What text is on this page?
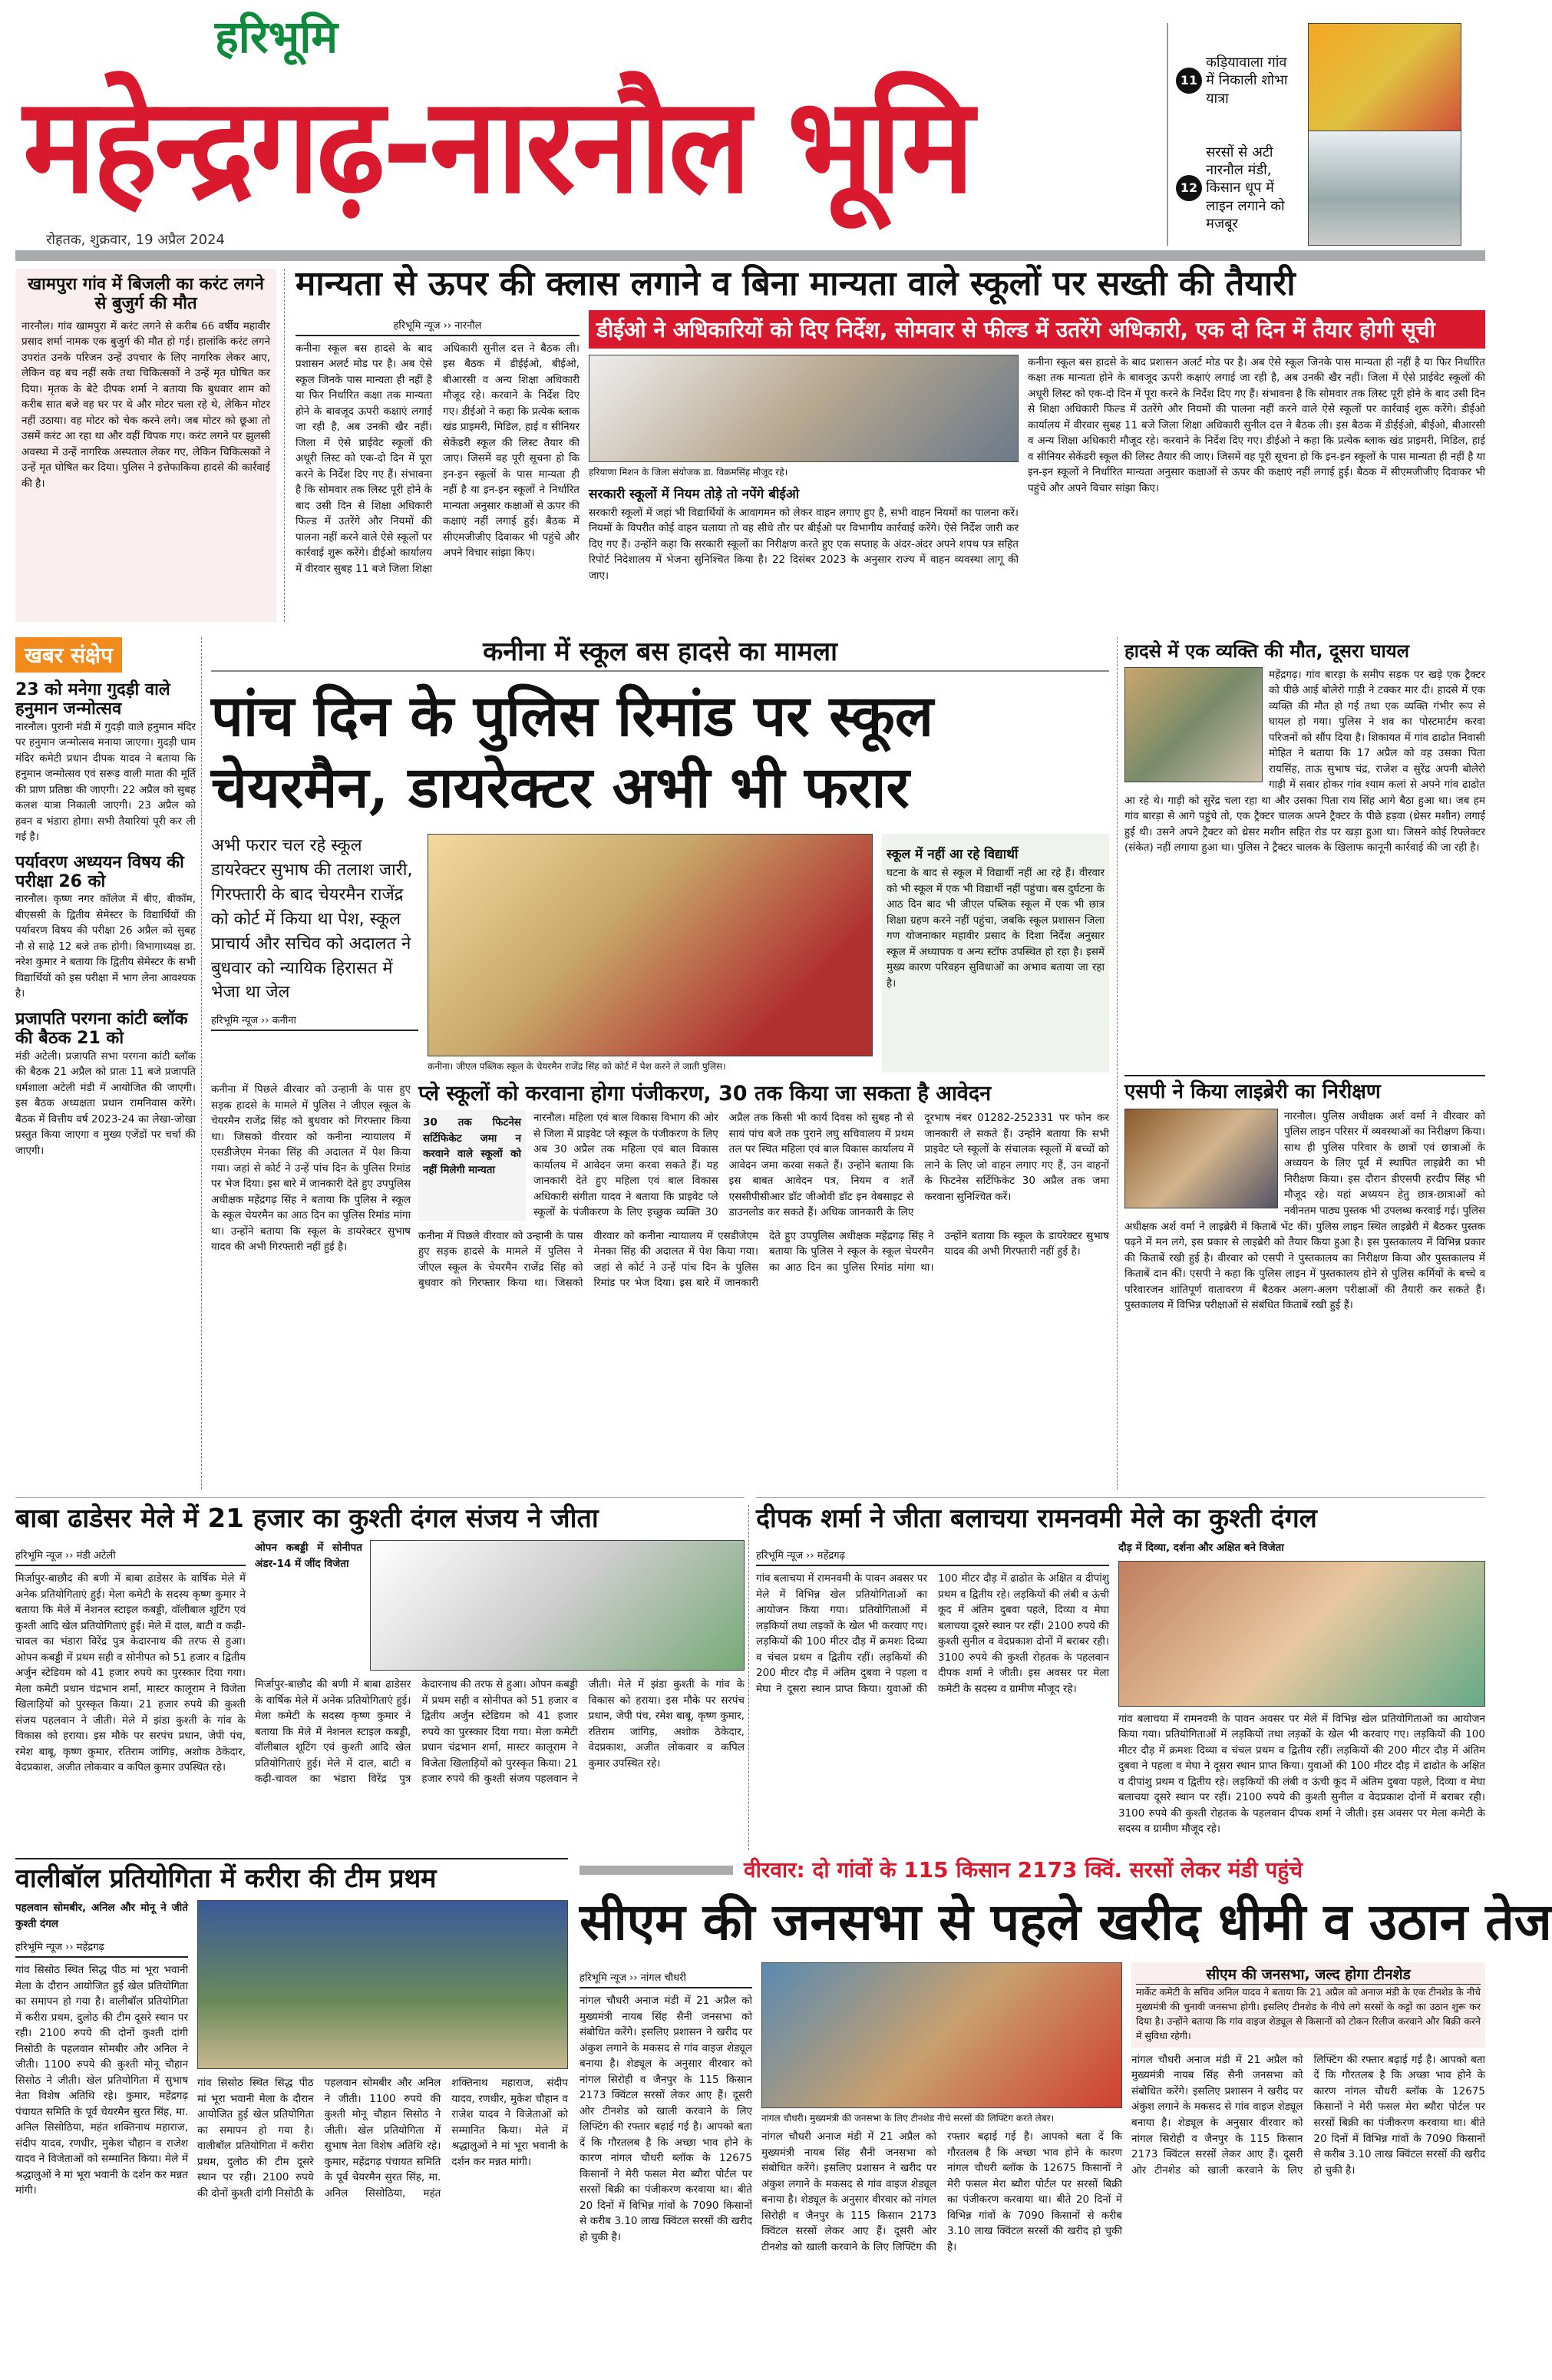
हरिभूमि
महेन्द्रगढ़-नारनौल भूमि
रोहतक, शुक्रवार, 19 अप्रैल 2024
11 कड़ियावाला गांव में निकाली शोभा यात्रा
12 सरसों से अटी नारनौल मंडी, किसान धूप में लाइन लगाने को मजबूर
खामपुरा गांव में बिजली का करंट लगने से बुजुर्ग की मौत
नारनौल। गांव खामपुरा में करंट लगने से करीब 66 वर्षीय महावीर प्रसाद शर्मा नामक एक बुजुर्ग की मौत हो गई। हालांकि करंट लगने उपरांत उनके परिजन उन्हें उपचार के लिए नागरिक लेकर आए, लेकिन वह बच नहीं सके तथा चिकित्सकों ने उन्हें मृत घोषित कर दिया। मृतक के बेटे दीपक शर्मा ने बताया कि बुधवार शाम को करीब सात बजे वह घर पर थे और मोटर चला रहे थे, लेकिन मोटर नहीं उठाया। वह मोटर को चेक करने लगे। जब मोटर को छूआ तो उसमें करंट आ रहा था और वहीं चिपक गए। करंट लगने पर झुलसी अवस्था में उन्हें नागरिक अस्पताल लेकर गए, लेकिन चिकित्सकों ने उन्हें मृत घोषित कर दिया। पुलिस ने इत्तेफाकिया हादसे की कार्रवाई की है।
मान्यता से ऊपर की क्लास लगाने व बिना मान्यता वाले स्कूलों पर सख्ती की तैयारी
हरिभूमि न्यूज ›› नारनौल
कनीना स्कूल बस हादसे के बाद प्रशासन अलर्ट मोड पर है। अब ऐसे स्कूल जिनके पास मान्यता ही नहीं है या फिर निर्धारित कक्षा तक मान्यता होने के बावजूद ऊपरी कक्षाएं लगाई जा रही है, अब उनकी खैर नहीं। जिला में ऐसे प्राईवेट स्कूलों की अधूरी लिस्ट को एक-दो दिन में पूरा करने के निर्देश दिए गए हैं। संभावना है कि सोमवार तक लिस्ट पूरी होने के बाद उसी दिन से शिक्षा अधिकारी फिल्ड में उतरेंगे और नियमों की पालना नहीं करने वाले ऐसे स्कूलों पर कार्रवाई शुरू करेंगे। डीईओ कार्यालय में वीरवार सुबह 11 बजे जिला शिक्षा अधिकारी सुनील दत्त ने बैठक ली। इस बैठक में डीईईओ, बीईओ, बीआरसी व अन्य शिक्षा अधिकारी मौजूद रहे। करवाने के निर्देश दिए गए। डीईओ ने कहा कि प्रत्येक ब्लाक खंड प्राइमरी, मिडिल, हाई व सीनियर सेकेंडरी स्कूल की लिस्ट तैयार की जाए। जिसमें वह पूरी सूचना हो कि इन-इन स्कूलों के पास मान्यता ही नहीं है या इन-इन स्कूलों ने निर्धारित मान्यता अनुसार कक्षाओं से ऊपर की कक्षाएं नहीं लगाई हुई। बैठक में सीएमजीजीए दिवाकर भी पहुंचे और अपने विचार सांझा किए।
डीईओ ने अधिकारियों को दिए निर्देश, सोमवार से फील्ड में उतरेंगे अधिकारी, एक दो दिन में तैयार होगी सूची
हरियाणा मिशन के जिला संयोजक डा. विक्रमसिंह मौजूद रहे।
सरकारी स्कूलों में नियम तोड़े तो नपेंगे बीईओ
सरकारी स्कूलों में जहां भी विद्यार्थियों के आवागमन को लेकर वाहन लगाए हुए है, सभी वाहन नियमों का पालना करें। नियमों के विपरीत कोई वाहन चलाया तो वह सीधे तौर पर बीईओ पर विभागीय कार्रवाई करेंगे। ऐसे निर्देश जारी कर दिए गए हैं। उन्होंने कहा कि सरकारी स्कूलों का निरीक्षण करते हुए एक सप्ताह के अंदर-अंदर अपने शपथ पत्र सहित रिपोर्ट निदेशालय में भेजना सुनिश्चित किया है। 22 दिसंबर 2023 के अनुसार राज्य में वाहन व्यवस्था लागू की जाए।
कनीना स्कूल बस हादसे के बाद प्रशासन अलर्ट मोड पर है। अब ऐसे स्कूल जिनके पास मान्यता ही नहीं है या फिर निर्धारित कक्षा तक मान्यता होने के बावजूद ऊपरी कक्षाएं लगाई जा रही है, अब उनकी खैर नहीं। जिला में ऐसे प्राईवेट स्कूलों की अधूरी लिस्ट को एक-दो दिन में पूरा करने के निर्देश दिए गए हैं। संभावना है कि सोमवार तक लिस्ट पूरी होने के बाद उसी दिन से शिक्षा अधिकारी फिल्ड में उतरेंगे और नियमों की पालना नहीं करने वाले ऐसे स्कूलों पर कार्रवाई शुरू करेंगे। डीईओ कार्यालय में वीरवार सुबह 11 बजे जिला शिक्षा अधिकारी सुनील दत्त ने बैठक ली। इस बैठक में डीईईओ, बीईओ, बीआरसी व अन्य शिक्षा अधिकारी मौजूद रहे। करवाने के निर्देश दिए गए। डीईओ ने कहा कि प्रत्येक ब्लाक खंड प्राइमरी, मिडिल, हाई व सीनियर सेकेंडरी स्कूल की लिस्ट तैयार की जाए। जिसमें वह पूरी सूचना हो कि इन-इन स्कूलों के पास मान्यता ही नहीं है या इन-इन स्कूलों ने निर्धारित मान्यता अनुसार कक्षाओं से ऊपर की कक्षाएं नहीं लगाई हुई। बैठक में सीएमजीजीए दिवाकर भी पहुंचे और अपने विचार सांझा किए।
खबर संक्षेप
23 को मनेगा गुदड़ी वाले हनुमान जन्मोत्सव
नारनौल। पुरानी मंडी में गुदड़ी वाले हनुमान मंदिर पर हनुमान जन्मोत्सव मनाया जाएगा। गुदड़ी धाम मंदिर कमेटी प्रधान दीपक यादव ने बताया कि हनुमान जन्मोत्सव एवं सरूड़ वाली माता की मूर्ति की प्राण प्रतिष्ठा की जाएगी। 22 अप्रैल को सुबह कलश यात्रा निकाली जाएगी। 23 अप्रैल को हवन व भंडारा होगा। सभी तैयारियां पूरी कर ली गई है।
पर्यावरण अध्ययन विषय की परीक्षा 26 को
नारनौल। कृष्ण नगर कॉलेज में बीए, बीकॉम, बीएससी के द्वितीय सेमेस्टर के विद्यार्थियों की पर्यावरण विषय की परीक्षा 26 अप्रैल को सुबह नौ से साढ़े 12 बजे तक होगी। विभागाध्यक्ष डा. नरेश कुमार ने बताया कि द्वितीय सेमेस्टर के सभी विद्यार्थियों को इस परीक्षा में भाग लेना आवश्यक है।
प्रजापति परगना कांटी ब्लॉक की बैठक 21 को
मंडी अटेली। प्रजापति सभा परगना कांटी ब्लॉक की बैठक 21 अप्रैल को प्रातः 11 बजे प्रजापति धर्मशाला अटेली मंडी में आयोजित की जाएगी। इस बैठक अध्यक्षता प्रधान रामनिवास करेंगे। बैठक में वित्तीय वर्ष 2023-24 का लेखा-जोखा प्रस्तुत किया जाएगा व मुख्य एजेंडों पर चर्चा की जाएगी।
कनीना में स्कूल बस हादसे का मामला
पांच दिन के पुलिस रिमांड पर स्कूल चेयरमैन, डायरेक्टर अभी भी फरार
अभी फरार चल रहे स्कूल डायरेक्टर सुभाष की तलाश जारी, गिरफ्तारी के बाद चेयरमैन राजेंद्र को कोर्ट में किया था पेश, स्कूल प्राचार्य और सचिव को अदालत ने बुधवार को न्यायिक हिरासत में भेजा था जेल
हरिभूमि न्यूज ›› कनीना
कनीना। जीएल पब्लिक स्कूल के चेयरमैन राजेंद्र सिंह को कोर्ट में पेश करने ले जाती पुलिस।
स्कूल में नहीं आ रहे विद्यार्थी
घटना के बाद से स्कूल में विद्यार्थी नहीं आ रहे हैं। वीरवार को भी स्कूल में एक भी विद्यार्थी नहीं पहुंचा। बस दुर्घटना के आठ दिन बाद भी जीएल पब्लिक स्कूल में एक भी छात्र शिक्षा ग्रहण करने नहीं पहुंचा, जबकि स्कूल प्रशासन जिला गण योजनाकार महावीर प्रसाद के दिशा निर्देश अनुसार स्कूल में अध्यापक व अन्य स्टॉफ उपस्थित हो रहा है। इसमें मुख्य कारण परिवहन सुविधाओं का अभाव बताया जा रहा है।
कनीना में पिछले वीरवार को उन्हानी के पास हुए सड़क हादसे के मामले में पुलिस ने जीएल स्कूल के चेयरमैन राजेंद्र सिंह को बुधवार को गिरफ्तार किया था। जिसको वीरवार को कनीना न्यायालय में एसडीजेएम मेनका सिंह की अदालत में पेश किया गया। जहां से कोर्ट ने उन्हें पांच दिन के पुलिस रिमांड पर भेज दिया। इस बारे में जानकारी देते हुए उपपुलिस अधीक्षक महेंद्रगढ़ सिंह ने बताया कि पुलिस ने स्कूल के स्कूल चेयरमैन का आठ दिन का पुलिस रिमांड मांगा था। उन्होंने बताया कि स्कूल के डायरेक्टर सुभाष यादव की अभी गिरफ्तारी नहीं हुई है।
प्ले स्कूलों को करवाना होगा पंजीकरण, 30 तक किया जा सकता है आवेदन
30 तक फिटनेस सर्टिफिकेट जमा न करवाने वाले स्कूलों को नहीं मिलेगी मान्यता
नारनौल। महिला एवं बाल विकास विभाग की ओर से जिला में प्राइवेट प्ले स्कूल के पंजीकरण के लिए अब 30 अप्रैल तक महिला एवं बाल विकास कार्यालय में आवेदन जमा करवा सकते हैं। यह जानकारी देते हुए महिला एवं बाल विकास अधिकारी संगीता यादव ने बताया कि प्राइवेट प्ले स्कूलों के पंजीकरण के लिए इच्छुक व्यक्ति 30 अप्रैल तक किसी भी कार्य दिवस को सुबह नौ से सायं पांच बजे तक पुराने लघु सचिवालय में प्रथम तल पर स्थित महिला एवं बाल विकास कार्यालय में आवेदन जमा करवा सकते हैं। उन्होंने बताया कि इस बाबत आवेदन पत्र, नियम व शर्तें एससीपीसीआर डॉट जीओवी डॉट इन वेबसाइट से डाउनलोड कर सकते हैं। अधिक जानकारी के लिए दूरभाष नंबर 01282-252331 पर फोन कर जानकारी ले सकते हैं। उन्होंने बताया कि सभी प्राइवेट प्ले स्कूलों के संचालक स्कूलों में बच्चों को लाने के लिए जो वाहन लगाए गए हैं, उन वाहनों के फिटनेस सर्टिफिकेट 30 अप्रैल तक जमा करवाना सुनिश्चित करें।
कनीना में पिछले वीरवार को उन्हानी के पास हुए सड़क हादसे के मामले में पुलिस ने जीएल स्कूल के चेयरमैन राजेंद्र सिंह को बुधवार को गिरफ्तार किया था। जिसको वीरवार को कनीना न्यायालय में एसडीजेएम मेनका सिंह की अदालत में पेश किया गया। जहां से कोर्ट ने उन्हें पांच दिन के पुलिस रिमांड पर भेज दिया। इस बारे में जानकारी देते हुए उपपुलिस अधीक्षक महेंद्रगढ़ सिंह ने बताया कि पुलिस ने स्कूल के स्कूल चेयरमैन का आठ दिन का पुलिस रिमांड मांगा था। उन्होंने बताया कि स्कूल के डायरेक्टर सुभाष यादव की अभी गिरफ्तारी नहीं हुई है।
हादसे में एक व्यक्ति की मौत, दूसरा घायल
महेंद्रगढ़। गांव बारड़ा के समीप सड़क पर खड़े एक ट्रैक्टर को पीछे आई बोलेरो गाड़ी ने टक्कर मार दी। हादसे में एक व्यक्ति की मौत हो गई तथा एक व्यक्ति गंभीर रूप से घायल हो गया। पुलिस ने शव का पोस्टमार्टम करवा परिजनों को सौंप दिया है। शिकायत में गांव ढाढोत निवासी मोहित ने बताया कि 17 अप्रैल को वह उसका पिता रायसिंह, ताऊ सुभाष चंद्र, राजेश व सुरेंद्र अपनी बोलेरो गाड़ी में सवार होकर गांव श्याम कलां से अपने गांव ढाढोत आ रहे थे। गाड़ी को सुरेंद्र चला रहा था और उसका पिता राय सिंह आगे बैठा हुआ था। जब हम गांव बारड़ा से आगे पहुंचे तो, एक ट्रैक्टर चालक अपने ट्रैक्टर के पीछे हड़वा (थ्रेसर मशीन) लगाई हुई थी। उसने अपने ट्रैक्टर को थ्रेसर मशीन सहित रोड पर खड़ा हुआ था। जिसने कोई रिफ्लेक्टर (संकेत) नहीं लगाया हुआ था। पुलिस ने ट्रैक्टर चालक के खिलाफ कानूनी कार्रवाई की जा रही है।
एसपी ने किया लाइब्रेरी का निरीक्षण
नारनौल। पुलिस अधीक्षक अर्श वर्मा ने वीरवार को पुलिस लाइन परिसर में व्यवस्थाओं का निरीक्षण किया। साथ ही पुलिस परिवार के छात्रों एवं छात्राओं के अध्ययन के लिए पूर्व में स्थापित लाइब्रेरी का भी निरीक्षण किया। इस दौरान डीएसपी हरदीप सिंह भी मौजूद रहे। यहां अध्ययन हेतु छात्र-छात्राओं को नवीनतम पाठ्य पुस्तक भी उपलब्ध करवाई गई। पुलिस अधीक्षक अर्श वर्मा ने लाइब्रेरी में किताबें भेंट कीं। पुलिस लाइन स्थित लाइब्रेरी में बैठकर पुस्तक पढ़ने में मन लगे, इस प्रकार से लाइब्रेरी को तैयार किया हुआ है। इस पुस्तकालय में विभिन्न प्रकार की किताबें रखी हुई है। वीरवार को एसपी ने पुस्तकालय का निरीक्षण किया और पुस्तकालय में किताबें दान कीं। एसपी ने कहा कि पुलिस लाइन में पुस्तकालय होने से पुलिस कर्मियों के बच्चे व परिवारजन शांतिपूर्ण वातावरण में बैठकर अलग-अलग परीक्षाओं की तैयारी कर सकते हैं। पुस्तकालय में विभिन्न परीक्षाओं से संबंधित किताबें रखी हुई हैं।
बाबा ढाडेसर मेले में 21 हजार का कुश्ती दंगल संजय ने जीता
हरिभूमि न्यूज ›› मंडी अटेली
मिर्जापुर-बाछौद की बणी में बाबा ढाडेसर के वार्षिक मेले में अनेक प्रतियोगिताएं हुई। मेला कमेटी के सदस्य कृष्ण कुमार ने बताया कि मेले में नेशनल स्टाइल कबड्डी, वॉलीबाल शूटिंग एवं कुश्ती आदि खेल प्रतियोगिताएं हुई। मेले में दाल, बाटी व कढ़ी-चावल का भंडारा विरेंद्र पुत्र केदारनाथ की तरफ से हुआ। ओपन कबड्डी में प्रथम सही व सोनीपत को 51 हजार व द्वितीय अर्जुन स्टेडियम को 41 हजार रुपये का पुरस्कार दिया गया। मेला कमेटी प्रधान चंद्रभान शर्मा, मास्टर कालूराम ने विजेता खिलाड़ियों को पुरस्कृत किया। 21 हजार रुपये की कुश्ती संजय पहलवान ने जीती। मेले में झंडा कुश्ती के गांव के विकास को हराया। इस मौके पर सरपंच प्रधान, जेपी पंच, रमेश बाबू, कृष्ण कुमार, रतिराम जांगिड़, अशोक ठेकेदार, वेदप्रकाश, अजीत लोकवार व कपिल कुमार उपस्थित रहे।
ओपन कबड्डी में सोनीपत अंडर-14 में जींद विजेता
मिर्जापुर-बाछौद की बणी में बाबा ढाडेसर के वार्षिक मेले में अनेक प्रतियोगिताएं हुई। मेला कमेटी के सदस्य कृष्ण कुमार ने बताया कि मेले में नेशनल स्टाइल कबड्डी, वॉलीबाल शूटिंग एवं कुश्ती आदि खेल प्रतियोगिताएं हुई। मेले में दाल, बाटी व कढ़ी-चावल का भंडारा विरेंद्र पुत्र केदारनाथ की तरफ से हुआ। ओपन कबड्डी में प्रथम सही व सोनीपत को 51 हजार व द्वितीय अर्जुन स्टेडियम को 41 हजार रुपये का पुरस्कार दिया गया। मेला कमेटी प्रधान चंद्रभान शर्मा, मास्टर कालूराम ने विजेता खिलाड़ियों को पुरस्कृत किया। 21 हजार रुपये की कुश्ती संजय पहलवान ने जीती। मेले में झंडा कुश्ती के गांव के विकास को हराया। इस मौके पर सरपंच प्रधान, जेपी पंच, रमेश बाबू, कृष्ण कुमार, रतिराम जांगिड़, अशोक ठेकेदार, वेदप्रकाश, अजीत लोकवार व कपिल कुमार उपस्थित रहे।
दीपक शर्मा ने जीता बलाचया रामनवमी मेले का कुश्ती दंगल
हरिभूमि न्यूज ›› महेंद्रगढ़
गांव बलाचया में रामनवमी के पावन अवसर पर मेले में विभिन्न खेल प्रतियोगिताओं का आयोजन किया गया। प्रतियोगिताओं में लड़कियों तथा लड़कों के खेल भी करवाए गए। लड़कियों की 100 मीटर दौड़ में क्रमशः दिव्या व चंचल प्रथम व द्वितीय रहीं। लड़कियों की 200 मीटर दौड़ में अंतिम दुबवा ने पहला व मेघा ने दूसरा स्थान प्राप्त किया। युवाओं की 100 मीटर दौड़ में ढाढोत के अक्षित व दीपांशु प्रथम व द्वितीय रहे। लड़कियों की लंबी व ऊंची कूद में अंतिम दुबवा पहले, दिव्या व मेघा बलाचया दूसरे स्थान पर रहीं। 2100 रुपये की कुश्ती सुनील व वेदप्रकाश दोनों में बराबर रही। 3100 रुपये की कुश्ती रोहतक के पहलवान दीपक शर्मा ने जीती। इस अवसर पर मेला कमेटी के सदस्य व ग्रामीण मौजूद रहे।
दौड़ में दिव्या, दर्शना और अक्षित बने विजेता
गांव बलाचया में रामनवमी के पावन अवसर पर मेले में विभिन्न खेल प्रतियोगिताओं का आयोजन किया गया। प्रतियोगिताओं में लड़कियों तथा लड़कों के खेल भी करवाए गए। लड़कियों की 100 मीटर दौड़ में क्रमशः दिव्या व चंचल प्रथम व द्वितीय रहीं। लड़कियों की 200 मीटर दौड़ में अंतिम दुबवा ने पहला व मेघा ने दूसरा स्थान प्राप्त किया। युवाओं की 100 मीटर दौड़ में ढाढोत के अक्षित व दीपांशु प्रथम व द्वितीय रहे। लड़कियों की लंबी व ऊंची कूद में अंतिम दुबवा पहले, दिव्या व मेघा बलाचया दूसरे स्थान पर रहीं। 2100 रुपये की कुश्ती सुनील व वेदप्रकाश दोनों में बराबर रही। 3100 रुपये की कुश्ती रोहतक के पहलवान दीपक शर्मा ने जीती। इस अवसर पर मेला कमेटी के सदस्य व ग्रामीण मौजूद रहे।
वालीबॉल प्रतियोगिता में करीरा की टीम प्रथम
पहलवान सोमबीर, अनिल और मोनू ने जीते कुश्ती दंगल
हरिभूमि न्यूज ›› महेंद्रगढ़
गांव सिसोठ स्थित सिद्ध पीठ मां भूरा भवानी मेला के दौरान आयोजित हुई खेल प्रतियोगिता का समापन हो गया है। वालीबॉल प्रतियोगिता में करीरा प्रथम, दुलोठ की टीम दूसरे स्थान पर रही। 2100 रुपये की दोनों कुश्ती दांगी निसोठी के पहलवान सोमबीर और अनिल ने जीती। 1100 रुपये की कुश्ती मोनू चौहान सिसोठ ने जीती। खेल प्रतियोगिता में सुभाष नेता विशेष अतिथि रहे। कुमार, महेंद्रगढ़ पंचायत समिति के पूर्व चेयरमैन सुरत सिंह, मा. अनिल सिसोठिया, महंत शक्तिनाथ महाराज, संदीप यादव, रणधीर, मुकेश चौहान व राजेश यादव ने विजेताओं को सम्मानित किया। मेले में श्रद्धालुओं ने मां भूरा भवानी के दर्शन कर मन्नत मांगी।
गांव सिसोठ स्थित सिद्ध पीठ मां भूरा भवानी मेला के दौरान आयोजित हुई खेल प्रतियोगिता का समापन हो गया है। वालीबॉल प्रतियोगिता में करीरा प्रथम, दुलोठ की टीम दूसरे स्थान पर रही। 2100 रुपये की दोनों कुश्ती दांगी निसोठी के पहलवान सोमबीर और अनिल ने जीती। 1100 रुपये की कुश्ती मोनू चौहान सिसोठ ने जीती। खेल प्रतियोगिता में सुभाष नेता विशेष अतिथि रहे। कुमार, महेंद्रगढ़ पंचायत समिति के पूर्व चेयरमैन सुरत सिंह, मा. अनिल सिसोठिया, महंत शक्तिनाथ महाराज, संदीप यादव, रणधीर, मुकेश चौहान व राजेश यादव ने विजेताओं को सम्मानित किया। मेले में श्रद्धालुओं ने मां भूरा भवानी के दर्शन कर मन्नत मांगी।
वीरवार: दो गांवों के 115 किसान 2173 क्विं. सरसों लेकर मंडी पहुंचे
सीएम की जनसभा से पहले खरीद धीमी व उठान तेज
हरिभूमि न्यूज ›› नांगल चौधरी
नांगल चौधरी अनाज मंडी में 21 अप्रैल को मुख्यमंत्री नायब सिंह सैनी जनसभा को संबोधित करेंगे। इसलिए प्रशासन ने खरीद पर अंकुश लगाने के मकसद से गांव वाइज शेड्यूल बनाया है। शेड्यूल के अनुसार वीरवार को नांगल सिरोही व जैनपुर के 115 किसान 2173 क्विंटल सरसों लेकर आए हैं। दूसरी ओर टीनशेड को खाली करवाने के लिए लिफ्टिंग की रफ्तार बढ़ाई गई है। आपको बता दें कि गौरतलब है कि अच्छा भाव होने के कारण नांगल चौधरी ब्लॉक के 12675 किसानों ने मेरी फसल मेरा ब्यौरा पोर्टल पर सरसों बिक्री का पंजीकरण करवाया था। बीते 20 दिनों में विभिन्न गांवों के 7090 किसानों से करीब 3.10 लाख क्विंटल सरसों की खरीद हो चुकी है।
नांगल चौधरी। मुख्यमंत्री की जनसभा के लिए टीनशेड नीचे सरसों की लिफ्टिंग करते लेबर।
नांगल चौधरी अनाज मंडी में 21 अप्रैल को मुख्यमंत्री नायब सिंह सैनी जनसभा को संबोधित करेंगे। इसलिए प्रशासन ने खरीद पर अंकुश लगाने के मकसद से गांव वाइज शेड्यूल बनाया है। शेड्यूल के अनुसार वीरवार को नांगल सिरोही व जैनपुर के 115 किसान 2173 क्विंटल सरसों लेकर आए हैं। दूसरी ओर टीनशेड को खाली करवाने के लिए लिफ्टिंग की रफ्तार बढ़ाई गई है। आपको बता दें कि गौरतलब है कि अच्छा भाव होने के कारण नांगल चौधरी ब्लॉक के 12675 किसानों ने मेरी फसल मेरा ब्यौरा पोर्टल पर सरसों बिक्री का पंजीकरण करवाया था। बीते 20 दिनों में विभिन्न गांवों के 7090 किसानों से करीब 3.10 लाख क्विंटल सरसों की खरीद हो चुकी है।
सीएम की जनसभा, जल्द होगा टीनशेड
मार्केट कमेटी के सचिव अनिल यादव ने बताया कि 21 अप्रैल को अनाज मंडी के एक टीनशेड के नीचे मुख्यमंत्री की चुनावी जनसभा होगी। इसलिए टीनशेड के नीचे लगे सरसों के कट्टों का उठान शुरू कर दिया है। उन्होंने बताया कि गांव वाइज शेड्यूल से किसानों को टोकन रिलीज करवाने और बिक्री करने में सुविधा रहेगी।
नांगल चौधरी अनाज मंडी में 21 अप्रैल को मुख्यमंत्री नायब सिंह सैनी जनसभा को संबोधित करेंगे। इसलिए प्रशासन ने खरीद पर अंकुश लगाने के मकसद से गांव वाइज शेड्यूल बनाया है। शेड्यूल के अनुसार वीरवार को नांगल सिरोही व जैनपुर के 115 किसान 2173 क्विंटल सरसों लेकर आए हैं। दूसरी ओर टीनशेड को खाली करवाने के लिए लिफ्टिंग की रफ्तार बढ़ाई गई है। आपको बता दें कि गौरतलब है कि अच्छा भाव होने के कारण नांगल चौधरी ब्लॉक के 12675 किसानों ने मेरी फसल मेरा ब्यौरा पोर्टल पर सरसों बिक्री का पंजीकरण करवाया था। बीते 20 दिनों में विभिन्न गांवों के 7090 किसानों से करीब 3.10 लाख क्विंटल सरसों की खरीद हो चुकी है।
